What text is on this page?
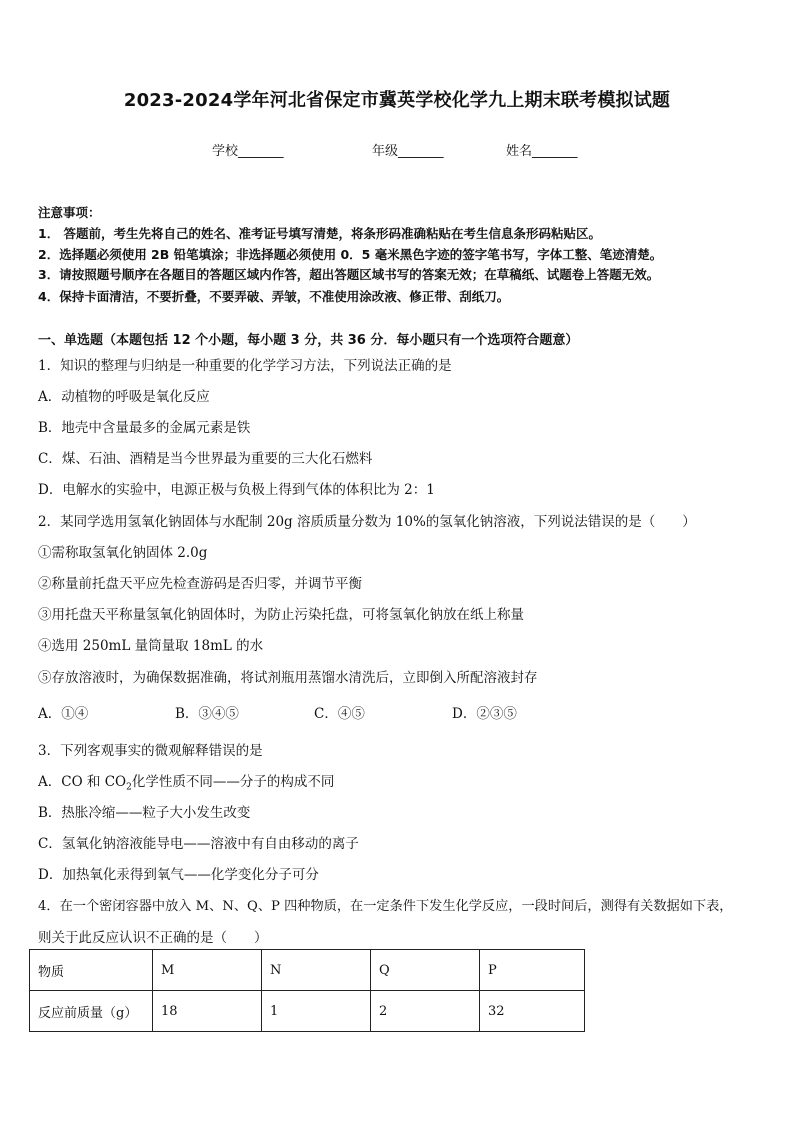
2023-2024学年河北省保定市冀英学校化学九上期末联考模拟试题
学校_______	年级_______	姓名_______
注意事项：
1． 答题前，考生先将自己的姓名、准考证号填写清楚，将条形码准确粘贴在考生信息条形码粘贴区。
2．选择题必须使用 2B 铅笔填涂；非选择题必须使用 0．5 毫米黑色字迹的签字笔书写，字体工整、笔迹清楚。
3．请按照题号顺序在各题目的答题区域内作答，超出答题区域书写的答案无效；在草稿纸、试题卷上答题无效。
4．保持卡面清洁，不要折叠，不要弄破、弄皱，不准使用涂改液、修正带、刮纸刀。
一、单选题（本题包括 12 个小题，每小题 3 分，共 36 分．每小题只有一个选项符合题意）
1．知识的整理与归纳是一种重要的化学学习方法，下列说法正确的是
A．动植物的呼吸是氧化反应
B．地壳中含量最多的金属元素是铁
C．煤、石油、酒精是当今世界最为重要的三大化石燃料
D．电解水的实验中，电源正极与负极上得到气体的体积比为 2：1
2．某同学选用氢氧化钠固体与水配制 20g 溶质质量分数为 10%的氢氧化钠溶液，下列说法错误的是（　　）
①需称取氢氧化钠固体 2.0g
②称量前托盘天平应先检查游码是否归零，并调节平衡
③用托盘天平称量氢氧化钠固体时，为防止污染托盘，可将氢氧化钠放在纸上称量
④选用 250mL 量筒量取 18mL 的水
⑤存放溶液时，为确保数据准确，将试剂瓶用蒸馏水清洗后，立即倒入所配溶液封存
A．①④	B．③④⑤	C．④⑤	D．②③⑤
3．下列客观事实的微观解释错误的是
A．CO 和 $CO_2$化学性质不同——分子的构成不同
B．热胀冷缩——粒子大小发生改变
C．氢氧化钠溶液能导电——溶液中有自由移动的离子
D．加热氧化汞得到氧气——化学变化分子可分
4．在一个密闭容器中放入 M、N、Q、P 四种物质，在一定条件下发生化学反应，一段时间后，测得有关数据如下表，
则关于此反应认识不正确的是（　　）
物质	M	N	Q	P
反应前质量（g）	18	1	2	32
